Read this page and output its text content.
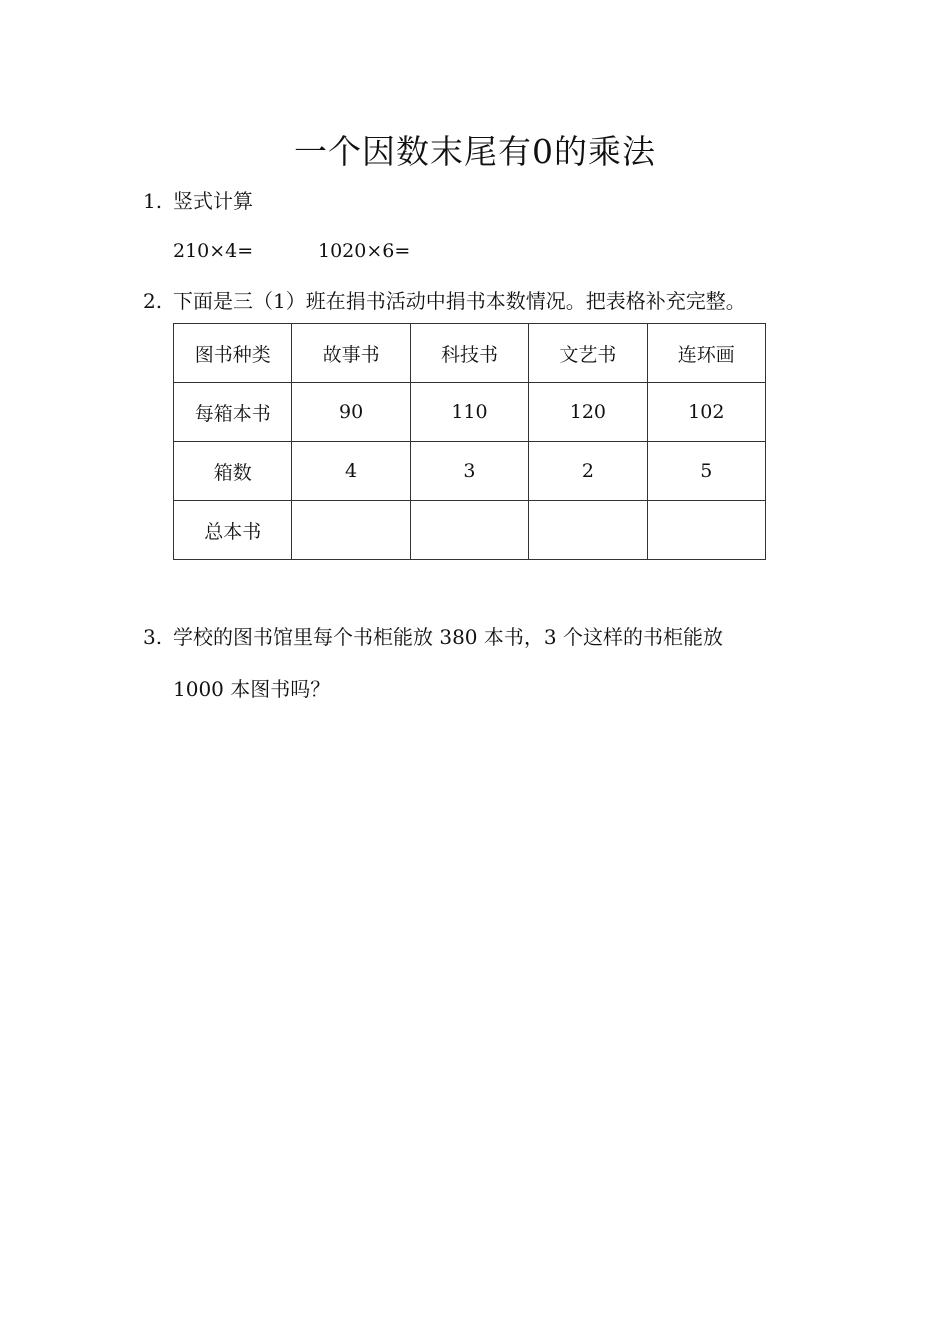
一个因数末尾有0的乘法
1. 竖式计算
210×4=	1020×6=
2. 下面是三（1）班在捐书活动中捐书本数情况。把表格补充完整。
图书种类	故事书	科技书	文艺书	连环画
每箱本书	90	110	120	102
箱数	4	3	2	5
总本书				
3. 学校的图书馆里每个书柜能放 380 本书，3 个这样的书柜能放
1000 本图书吗？
